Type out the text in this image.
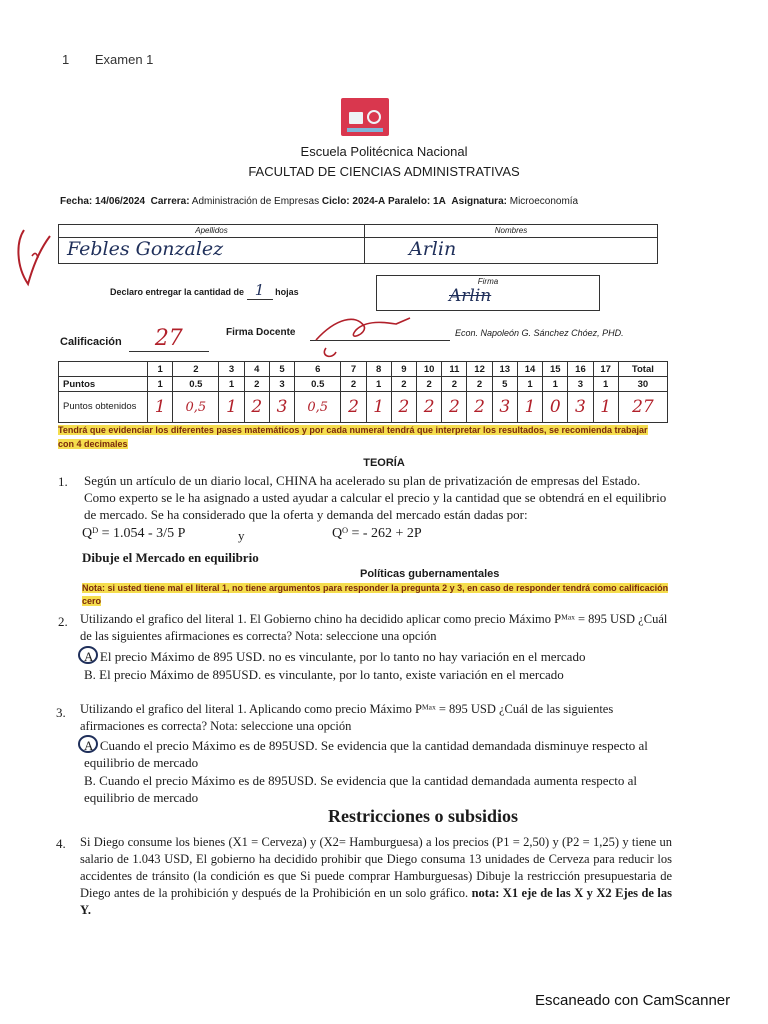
1 Examen 1
Escuela Politécnica Nacional
FACULTAD DE CIENCIAS ADMINISTRATIVAS
Fecha: 14/06/2024 Carrera: Administración de Empresas Ciclo: 2024-A Paralelo: 1A Asignatura: Microeconomía
Apellidos	Nombres
Febles Gonzalez	Arlin
Declaro entregar la cantidad de 1 hojas
Firma
Arlin
Calificación 27	Firma Docente	Econ. Napoleón G. Sánchez Chóez, PHD.
	1	2	3	4	5	6	7	8	9	10	11	12	13	14	15	16	17	Total
Puntos	1	0.5	1	2	3	0.5	2	1	2	2	2	2	5	1	1	3	1	30
Puntos obtenidos	1	0,5	1	2	3	0,5	2	1	2	2	2	2	3	1	0	3	1	27
Tendrá que evidenciar los diferentes pases matemáticos y por cada numeral tendrá que interpretar los resultados, se recomienda trabajar con 4 decimales
TEORÍA
1. Según un artículo de un diario local, CHINA ha acelerado su plan de privatización de empresas del Estado. Como experto se le ha asignado a usted ayudar a calcular el precio y la cantidad que se obtendrá en el equilibrio de mercado. Se ha considerado que la oferta y demanda del mercado están dadas por:
Qᴰ = 1.054 - 3/5 P	y	Qᴼ = - 262 + 2P
Dibuje el Mercado en equilibrio
Políticas gubernamentales
Nota: si usted tiene mal el literal 1, no tiene argumentos para responder la pregunta 2 y 3, en caso de responder tendrá como calificación cero
2. Utilizando el grafico del literal 1. El Gobierno chino ha decidido aplicar como precio Máximo Pᴹᵃˣ = 895 USD ¿Cuál de las siguientes afirmaciones es correcta? Nota: seleccione una opción
A. El precio Máximo de 895 USD. no es vinculante, por lo tanto no hay variación en el mercado
B. El precio Máximo de 895USD. es vinculante, por lo tanto, existe variación en el mercado
3. Utilizando el grafico del literal 1. Aplicando como precio Máximo Pᴹᵃˣ = 895 USD ¿Cuál de las siguientes afirmaciones es correcta? Nota: seleccione una opción
A. Cuando el precio Máximo es de 895USD. Se evidencia que la cantidad demandada disminuye respecto al equilibrio de mercado
B. Cuando el precio Máximo es de 895USD. Se evidencia que la cantidad demandada aumenta respecto al equilibrio de mercado
Restricciones o subsidios
4. Si Diego consume los bienes (X1 = Cerveza) y (X2= Hamburguesa) a los precios (P1 = 2,50) y (P2 = 1,25) y tiene un salario de 1.043 USD, El gobierno ha decidido prohibir que Diego consuma 13 unidades de Cerveza para reducir los accidentes de tránsito (la condición es que Si puede comprar Hamburguesas) Dibuje la restricción presupuestaria de Diego antes de la prohibición y después de la Prohibición en un solo gráfico. nota: X1 eje de las X y X2 Ejes de las Y.
Escaneado con CamScanner
